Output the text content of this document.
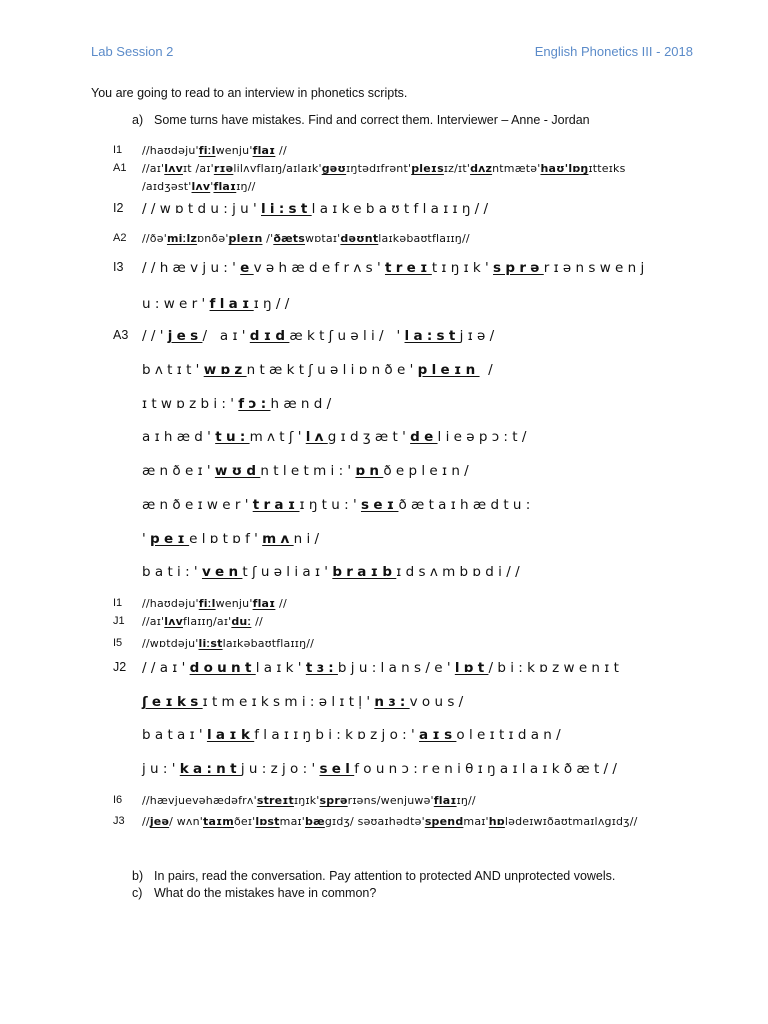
Lab Session 2	English Phonetics III - 2018
You are going to read to an interview in phonetics scripts.
a) Some turns have mistakes. Find and correct them. Interviewer – Anne - Jordan
I1 //haʊdəju'fiːlwenju'flaɪ //
A1 //aɪ'lʌvɪt /aɪ'rɪəlilʌvflaɪŋ/aɪlaɪk'gəʊɪŋtədɪfrənt'pleɪsɪz/ɪt'dʌzntmætə'haʊ'lɒŋɪtteɪks
/aɪdʒəst'lʌv'flaɪɪŋ//
I2 //wɒtdu:ju'li:stlaɪkebaʊtflaɪɪŋ//
A2 //ðə'miːlzɒnðə'pleɪn /'ðætswɒtaɪ'dəʊntlaɪkəbaʊtflaɪɪŋ//
I3 //hævju:'evəhædefrʌs'treɪtɪŋɪk'sprərɪənswenj
u:wer'flaɪɪŋ//
A3 //'jes/ aɪ'dɪdæktʃuəli/ 'la:stjɪə/
bʌtɪt'wɒzntæktʃuəliɒnðe'pleɪn /
ɪtwɒzbi:'fɔ:hænd/
aɪhæd'tu:mʌtʃ'lʌgɪdʒæt'delieəpɔ:t/
ænðeɪ'wʊdntletmi:'ɒnðepleɪn/
ænðeɪwer'traɪɪŋtu:'seɪðætaɪhædtu:
'peɪelɒtɒf'mʌni/
bati:'ventʃuəliaɪ'braɪbɪdsʌmbɒdi//
I1 //haʊdəju'fiːlwenju'flaɪ //
J1 //aɪ'lʌvflaɪɪŋ/aɪ'duː //
I5 //wɒtdəju'liːstlaɪkəbaʊtflaɪɪŋ//
J2 //aɪ'dountlaɪk'tɜ:bju:lans/e'lɒt/bi:kɒzwenɪt
ʃeɪksɪtmeɪksmi:əlɪtl̩'nɜ:vous/
bataɪ'laɪkflaɪɪŋbi:kɒzjo:'aɪsoleɪtɪdan/
ju:'ka:ntju:zjo:'selfounɔ:reniθɪŋaɪlaɪkðæt//
I6 //hævjuevəhædəfrʌ'streɪtɪŋɪk'sprərɪəns/wenjuwə'flaɪɪŋ//
J3 //jeə/ wʌn'taɪmðeɪ'lɒstmaɪ'bægɪdʒ/ səʊaɪhədtə'spendmaɪ'hɒlədeɪwɪðaʊtmaɪlʌgɪdʒ//
b) In pairs, read the conversation. Pay attention to protected AND unprotected vowels.
c) What do the mistakes have in common?
